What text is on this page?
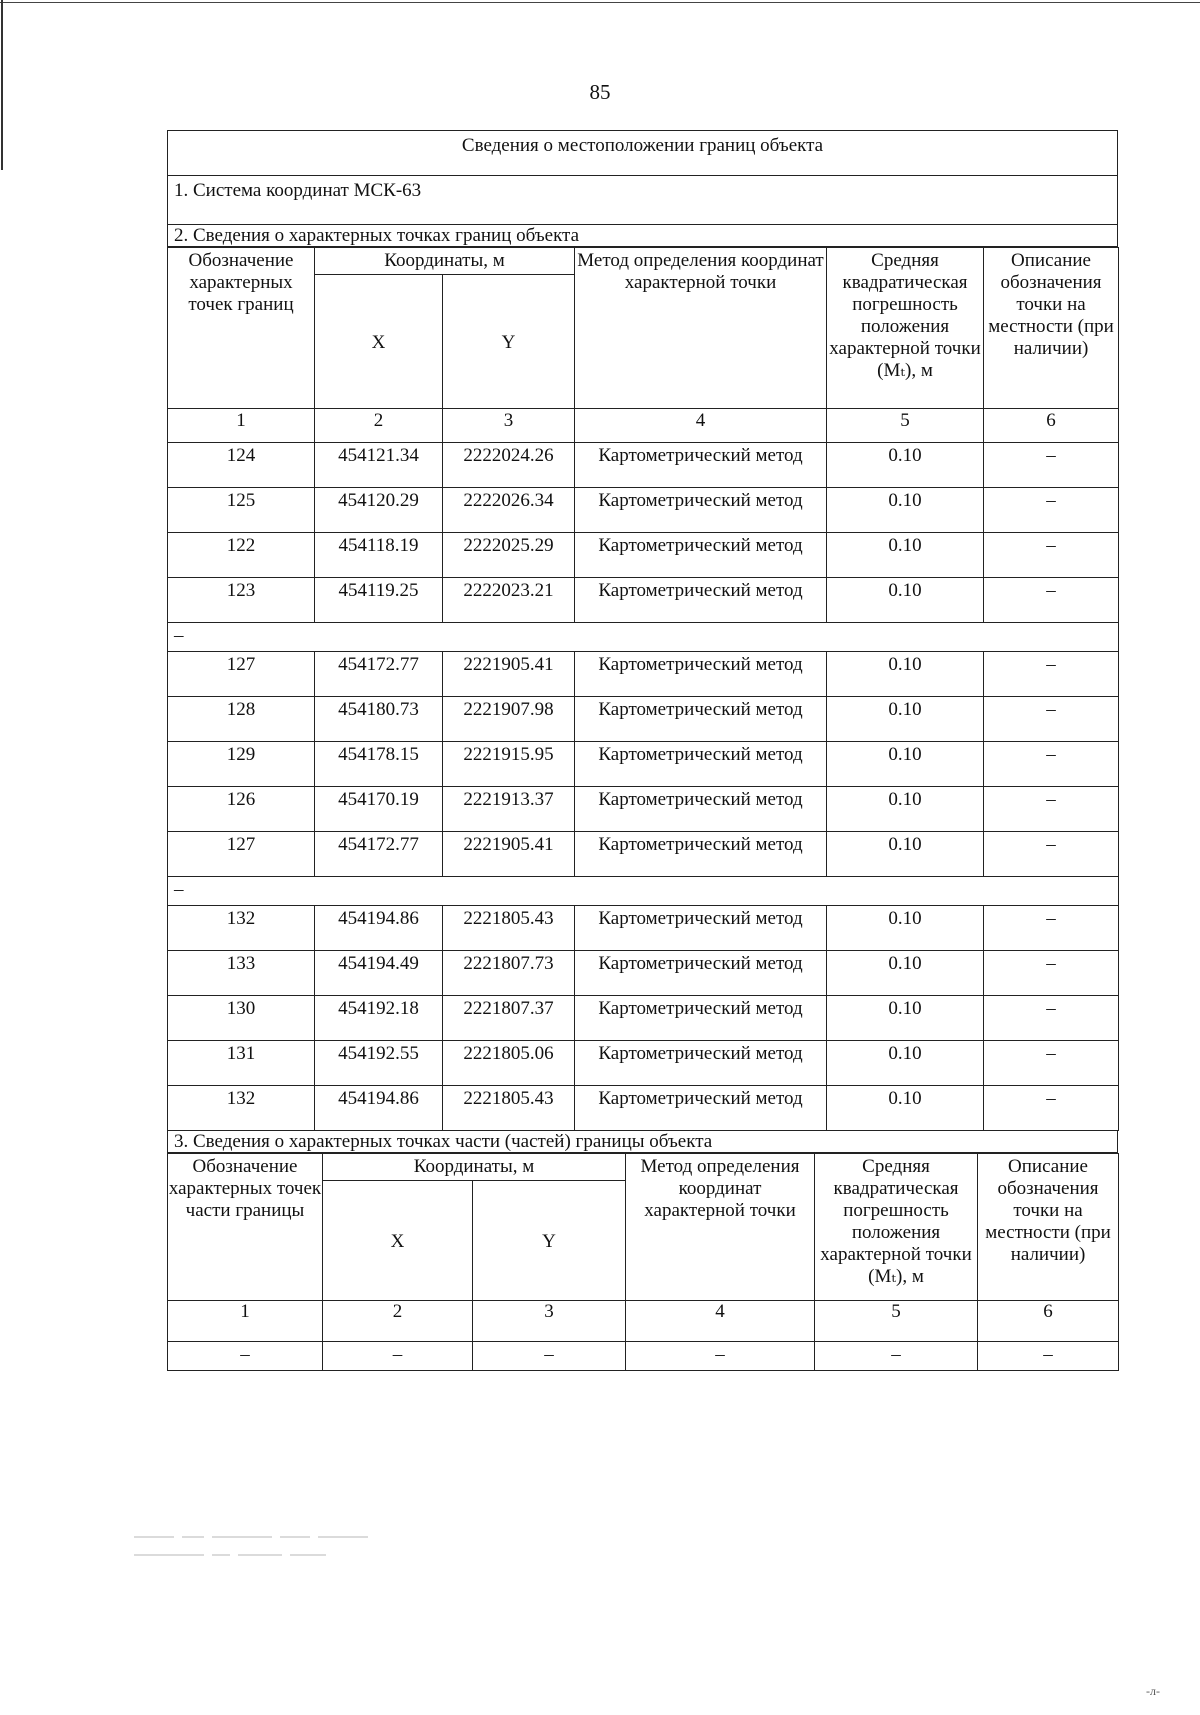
85
Сведения о местоположении границ объекта
1. Система координат МСК-63
2. Сведения о характерных точках границ объекта
Обозначение характерных точек границ	Координаты, м		Метод определения координат характерной точки	Средняя квадратическая погрешность положения характерной точки (Mₜ), м	Описание обозначения точки на местности (при наличии)
	X	Y			
1	2	3	4	5	6
124	454121.34	2222024.26	Картометрический метод	0.10	–
125	454120.29	2222026.34	Картометрический метод	0.10	–
122	454118.19	2222025.29	Картометрический метод	0.10	–
123	454119.25	2222023.21	Картометрический метод	0.10	–
–					
127	454172.77	2221905.41	Картометрический метод	0.10	–
128	454180.73	2221907.98	Картометрический метод	0.10	–
129	454178.15	2221915.95	Картометрический метод	0.10	–
126	454170.19	2221913.37	Картометрический метод	0.10	–
127	454172.77	2221905.41	Картометрический метод	0.10	–
–					
132	454194.86	2221805.43	Картометрический метод	0.10	–
133	454194.49	2221807.73	Картометрический метод	0.10	–
130	454192.18	2221807.37	Картометрический метод	0.10	–
131	454192.55	2221805.06	Картометрический метод	0.10	–
132	454194.86	2221805.43	Картометрический метод	0.10	–
3. Сведения о характерных точках части (частей) границы объекта
Обозначение характерных точек части границы	Координаты, м		Метод определения координат характерной точки	Средняя квадратическая погрешность положения характерной точки (Mₜ), м	Описание обозначения точки на местности (при наличии)
	X	Y			
1	2	3	4	5	6
–	–	–	–	–	–

-л-
